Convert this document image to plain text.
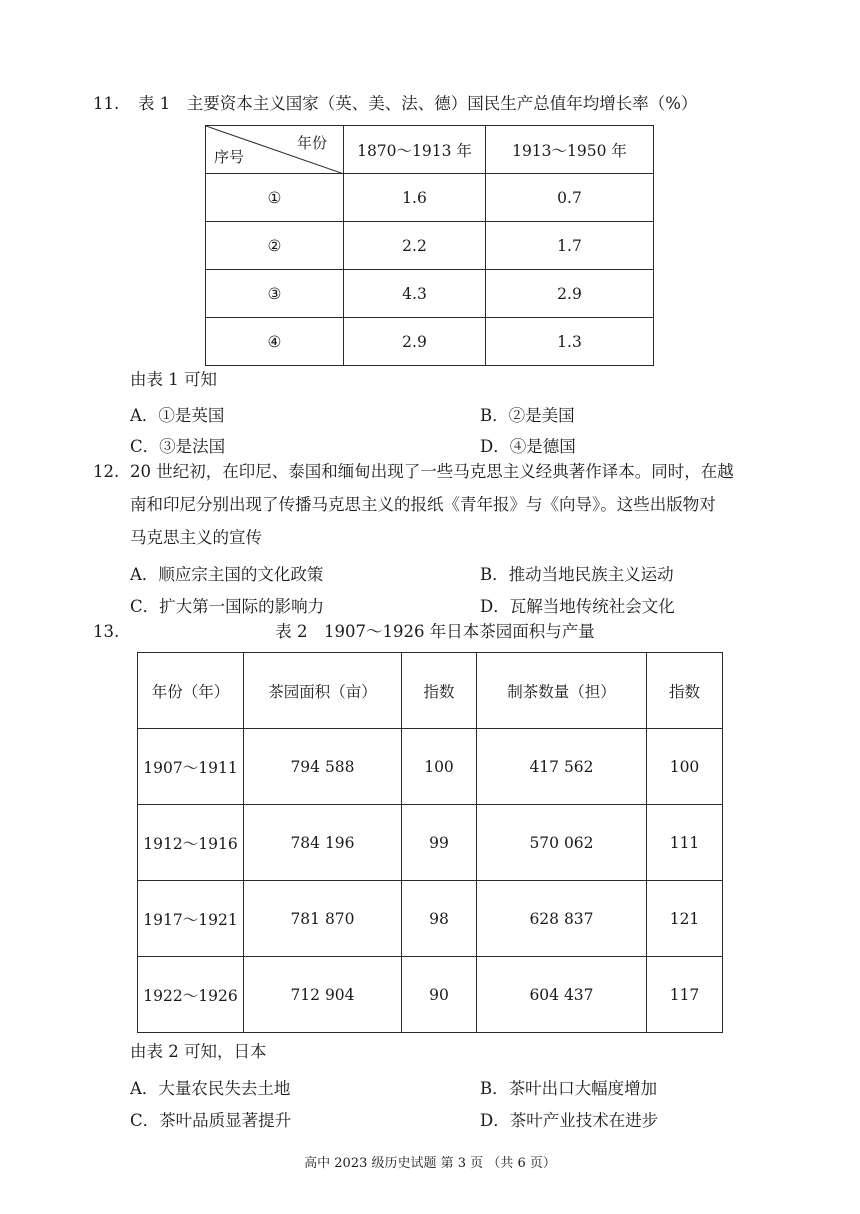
11. 表 1　主要资本主义国家（英、美、法、德）国民生产总值年均增长率（%）
年份
序号	1870～1913 年	1913～1950 年
①	1.6	0.7
②	2.2	1.7
③	4.3	2.9
④	2.9	1.3
由表 1 可知
A．①是英国	B．②是美国
C．③是法国	D．④是德国
12. 20 世纪初，在印尼、泰国和缅甸出现了一些马克思主义经典著作译本。同时，在越
南和印尼分别出现了传播马克思主义的报纸《青年报》与《向导》。这些出版物对
马克思主义的宣传
A．顺应宗主国的文化政策	B．推动当地民族主义运动
C．扩大第一国际的影响力	D．瓦解当地传统社会文化
13.	表 2　1907～1926 年日本茶园面积与产量
年份（年）	茶园面积（亩）	指数	制茶数量（担）	指数
1907～1911	794 588	100	417 562	100
1912～1916	784 196	99	570 062	111
1917～1921	781 870	98	628 837	121
1922～1926	712 904	90	604 437	117
由表 2 可知，日本
A．大量农民失去土地	B．茶叶出口大幅度增加
C．茶叶品质显著提升	D．茶叶产业技术在进步
高中 2023 级历史试题 第 3 页 （共 6 页）
